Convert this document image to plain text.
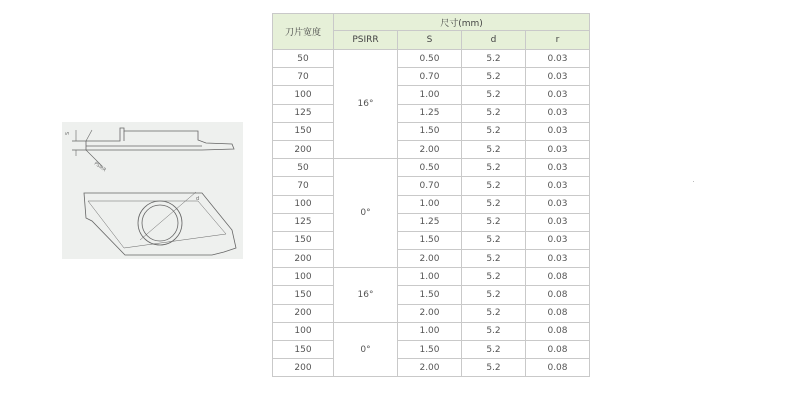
S
PSIRR
d
刀片宽度	尺寸(mm)			
	PSIRR	S	d	r
50	16°	0.50	5.2	0.03
70		0.70	5.2	0.03
100		1.00	5.2	0.03
125		1.25	5.2	0.03
150		1.50	5.2	0.03
200		2.00	5.2	0.03
50	0°	0.50	5.2	0.03
70		0.70	5.2	0.03
100		1.00	5.2	0.03
125		1.25	5.2	0.03
150		1.50	5.2	0.03
200		2.00	5.2	0.03
100	16°	1.00	5.2	0.08
150		1.50	5.2	0.08
200		2.00	5.2	0.08
100	0°	1.00	5.2	0.08
150		1.50	5.2	0.08
200		2.00	5.2	0.08
